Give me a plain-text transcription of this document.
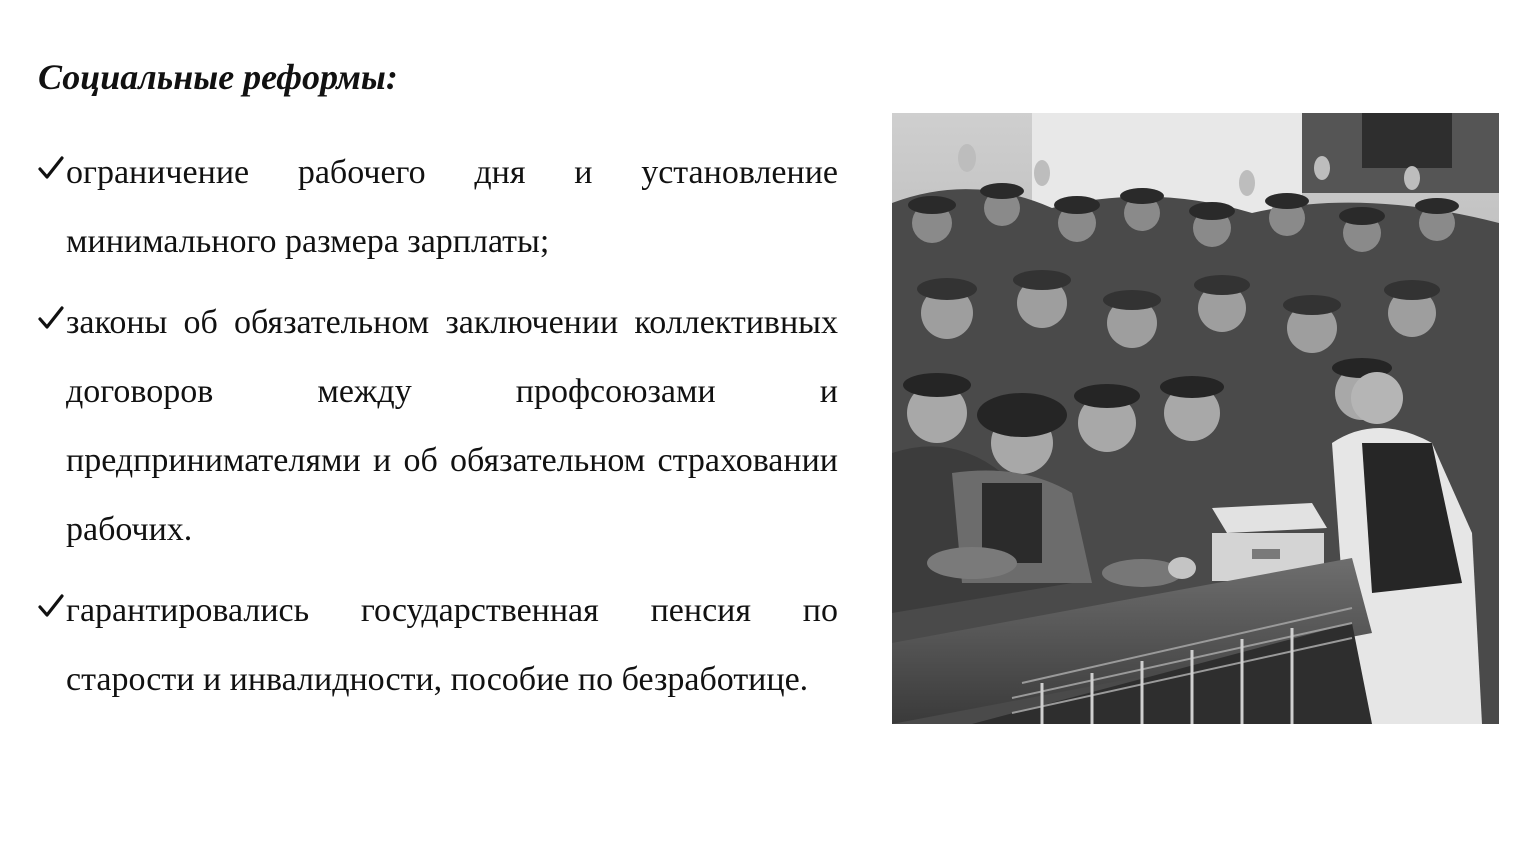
Социальные реформы:
ограничение рабочего дня и установление минимального размера зарплаты;
законы об обязательном заключении коллективных договоров между профсоюзами и предпринимателями и об обязательном страховании рабочих.
гарантировались государственная пенсия по старости и инвалидности, пособие по безработице.
